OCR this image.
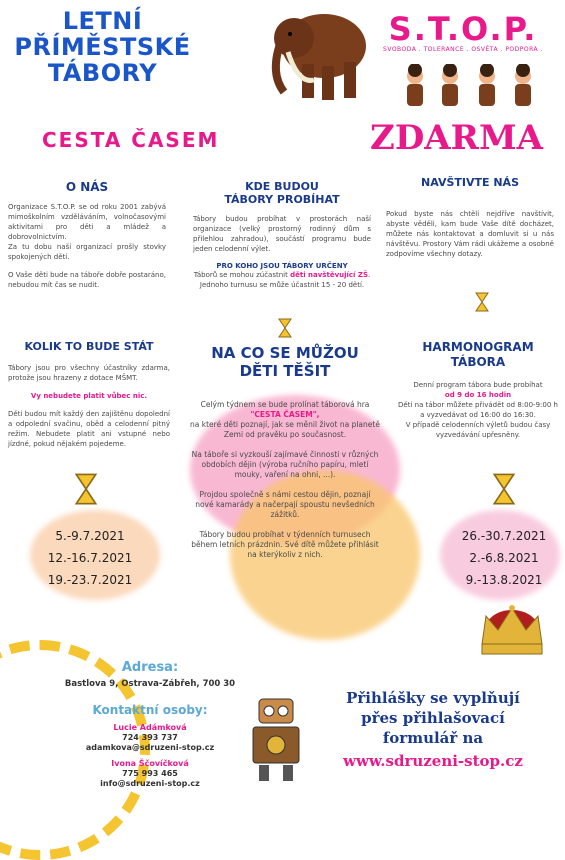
LETNÍ
PŘÍMĚSTSKÉ
TÁBORY
S.T.O.P.
SVOBODA . TOLERANCE . OSVĚTA . PODPORA .
CESTA ČASEM	ZDARMA
O NÁS
Organizace S.T.O.P. se od roku 2001 zabývá mimoškolním vzděláváním, volnočasovými aktivitami pro děti a mládež a dobrovolnictvím.
Za tu dobu naší organizací prošly stovky spokojených dětí.
O Vaše děti bude na táboře dobře postaráno, nebudou mít čas se nudit.
KDE BUDOU
TÁBORY PROBÍHAT
Tábory budou probíhat v prostorách naší organizace (velký prostorný rodinný dům s přilehlou zahradou), součástí programu bude jeden celodenní výlet.
PRO KOHO JSOU TÁBORY URČENY
Táborů se mohou zúčastnit děti navštěvující ZŠ. Jednoho turnusu se může účastnit 15 - 20 dětí.
NAVŠTIVTE NÁS
Pokud byste nás chtěli nejdříve navštívit, abyste věděli, kam bude Vaše dítě docházet, můžete nás kontaktovat a domluvit si u nás návštěvu. Prostory Vám rádi ukážeme a osobně zodpovíme všechny dotazy.
KOLIK TO BUDE STÁT
Tábory jsou pro všechny účastníky zdarma, protože jsou hrazeny z dotace MŠMT.
Vy nebudete platit vůbec nic.
Děti budou mít každý den zajištěnu dopolední a odpolední svačinu, oběd a celodenní pitný režim. Nebudete platit ani vstupné nebo jízdné, pokud nějakém pojedeme.
NA CO SE MŮŽOU
DĚTI TĚŠIT
Celým týdnem se bude prolínat táborová hra
"CESTA ČASEM",
na které děti poznají, jak se měnil život na planetě Zemi od pravěku po současnost.
Na táboře si vyzkouší zajímavé činnosti v různých obdobích dějin (výroba ručního papíru, mletí mouky, vaření na ohni, ...).
Projdou společně s námi cestou dějin, poznají nové kamarády a načerpají spoustu nevšedních zážitků.
Tábory budou probíhat v týdenních turnusech během letních prázdnin. Své dítě můžete přihlásit na kterýkoliv z nich.
HARMONOGRAM
TÁBORA
Denní program tábora bude probíhat
od 9 do 16 hodin
Děti na tábor můžete přivádět od 8:00-9:00 h
a vyzvedávat od 16:00 do 16:30.
V případě celodenních výletů budou časy vyzvedávání upřesněny.
5.-9.7.2021
12.-16.7.2021
19.-23.7.2021
26.-30.7.2021
2.-6.8.2021
9.-13.8.2021
Adresa:
Bastlova 9, Ostrava-Zábřeh, 700 30
Kontaktní osoby:
Lucie Adámková
724 393 737
adamkova@sdruzeni-stop.cz
Ivona Ščovíčková
775 993 465
info@sdruzeni-stop.cz
Přihlášky se vyplňují
přes přihlašovací
formulář na
www.sdruzeni-stop.cz
